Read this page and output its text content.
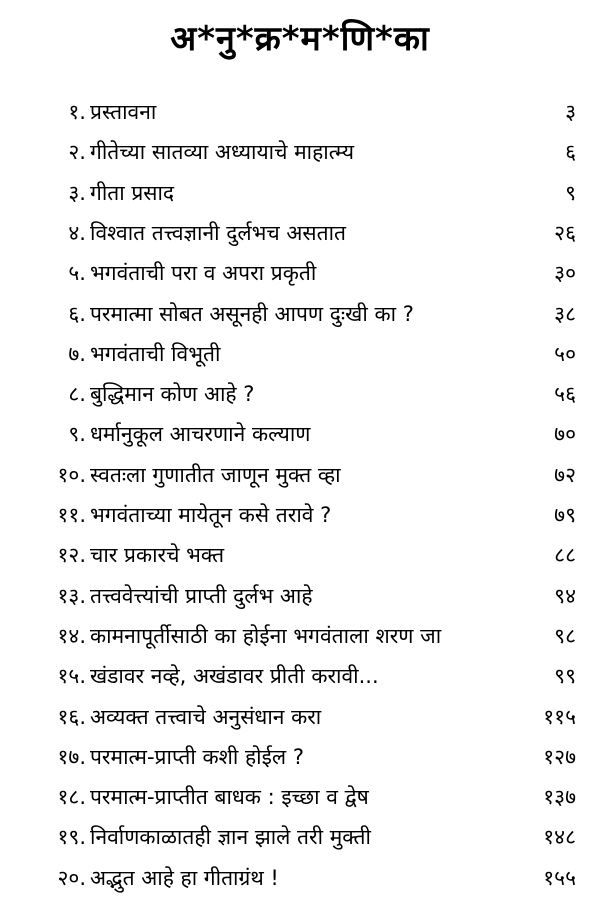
अ*नु*क्र*म*णि*का
१. प्रस्तावना	३
२. गीतेच्या सातव्या अध्यायाचे माहात्म्य	६
३. गीता प्रसाद	९
४. विश्वात तत्त्वज्ञानी दुर्लभच असतात	२६
५. भगवंताची परा व अपरा प्रकृती	३०
६. परमात्मा सोबत असूनही आपण दुःखी का ?	३८
७. भगवंताची विभूती	५०
८. बुद्धिमान कोण आहे ?	५६
९. धर्मानुकूल आचरणाने कल्याण	७०
१०. स्वतःला गुणातीत जाणून मुक्त व्हा	७२
११. भगवंताच्या मायेतून कसे तरावे ?	७९
१२. चार प्रकारचे भक्त	८८
१३. तत्त्ववेत्त्यांची प्राप्ती दुर्लभ आहे	९४
१४. कामनापूर्तीसाठी का होईना भगवंताला शरण जा	९८
१५. खंडावर नव्हे, अखंडावर प्रीती करावी...	९९
१६. अव्यक्त तत्त्वाचे अनुसंधान करा	११५
१७. परमात्म-प्राप्ती कशी होईल ?	१२७
१८. परमात्म-प्राप्तीत बाधक : इच्छा व द्वेष	१३७
१९. निर्वाणकाळातही ज्ञान झाले तरी मुक्ती	१४८
२०. अद्भुत आहे हा गीताग्रंथ !	१५५
